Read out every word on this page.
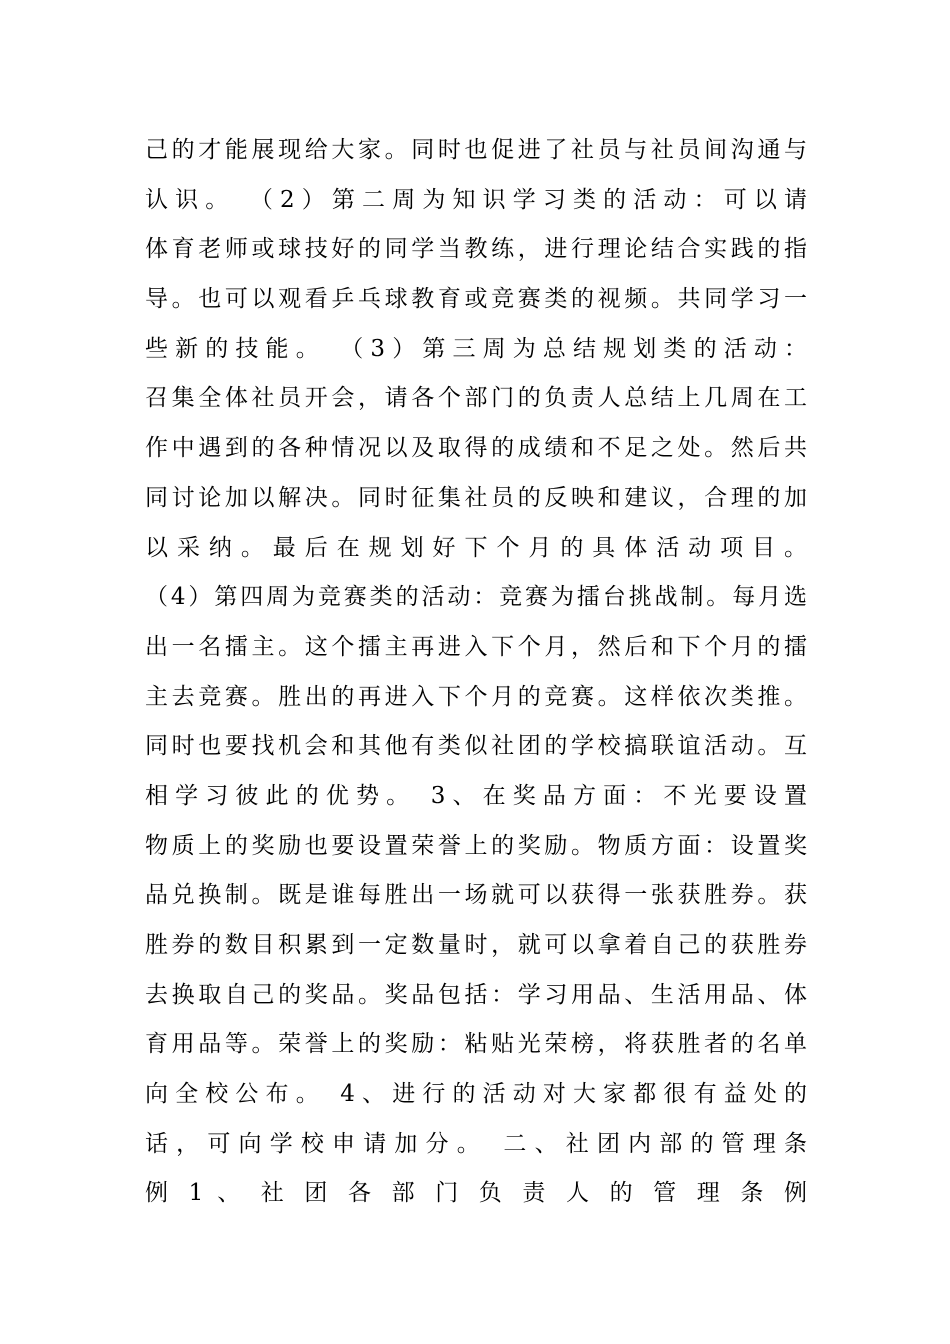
己的才能展现给大家。同时也促进了社员与社员间沟通与
认识。 （2）第二周为知识学习类的活动：可以请
体育老师或球技好的同学当教练，进行理论结合实践的指
导。也可以观看乒乓球教育或竞赛类的视频。共同学习一
些新的技能。 （3）第三周为总结规划类的活动：
召集全体社员开会，请各个部门的负责人总结上几周在工
作中遇到的各种情况以及取得的成绩和不足之处。然后共
同讨论加以解决。同时征集社员的反映和建议，合理的加
以 采 纳 。 最 后 在 规 划 好 下 个 月 的 具 体 活 动 项 目 。
（4）第四周为竞赛类的活动：竞赛为擂台挑战制。每月选
出一名擂主。这个擂主再进入下个月，然后和下个月的擂
主去竞赛。胜出的再进入下个月的竞赛。这样依次类推。
同时也要找机会和其他有类似社团的学校搞联谊活动。互
相学习彼此的优势。 3、在奖品方面：不光要设置
物质上的奖励也要设置荣誉上的奖励。物质方面：设置奖
品兑换制。既是谁每胜出一场就可以获得一张获胜券。获
胜券的数目积累到一定数量时，就可以拿着自己的获胜券
去换取自己的奖品。奖品包括：学习用品、生活用品、体
育用品等。荣誉上的奖励：粘贴光荣榜，将获胜者的名单
向全校公布。 4、进行的活动对大家都很有益处的
话，可向学校申请加分。 二、社团内部的管理条
例 1 、 社 团 各 部 门 负 责 人 的 管 理 条 例
